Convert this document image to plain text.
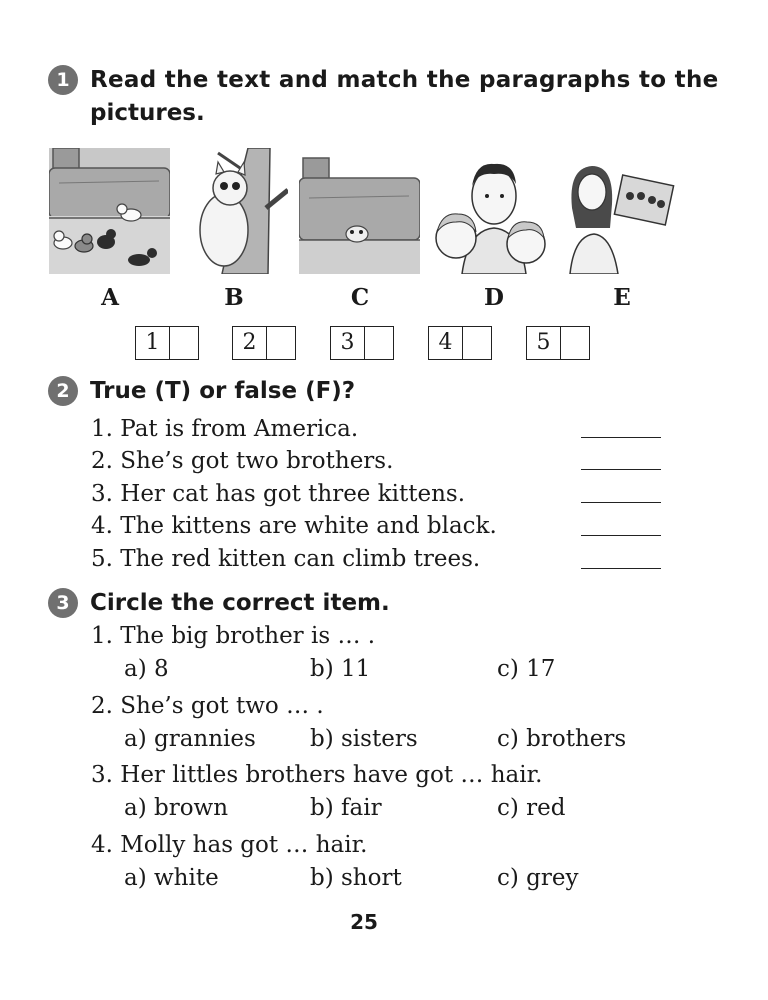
1 Read the text and match the paragraphs to the
pictures.
A	B	C	D	E
1	2	3	4	5
2 True (T) or false (F)?
1. Pat is from America.
2. She’s got two brothers.
3. Her cat has got three kittens.
4. The kittens are white and black.
5. The red kitten can climb trees.
3 Circle the correct item.
1. The big brother is … .
a) 8	b) 11	c) 17
2. She’s got two … .
a) grannies b) sisters	c) brothers
3. Her littles brothers have got … hair.
a) brown	b) fair	c) red
4. Molly has got … hair.
a) white	b) short	c) grey
25
